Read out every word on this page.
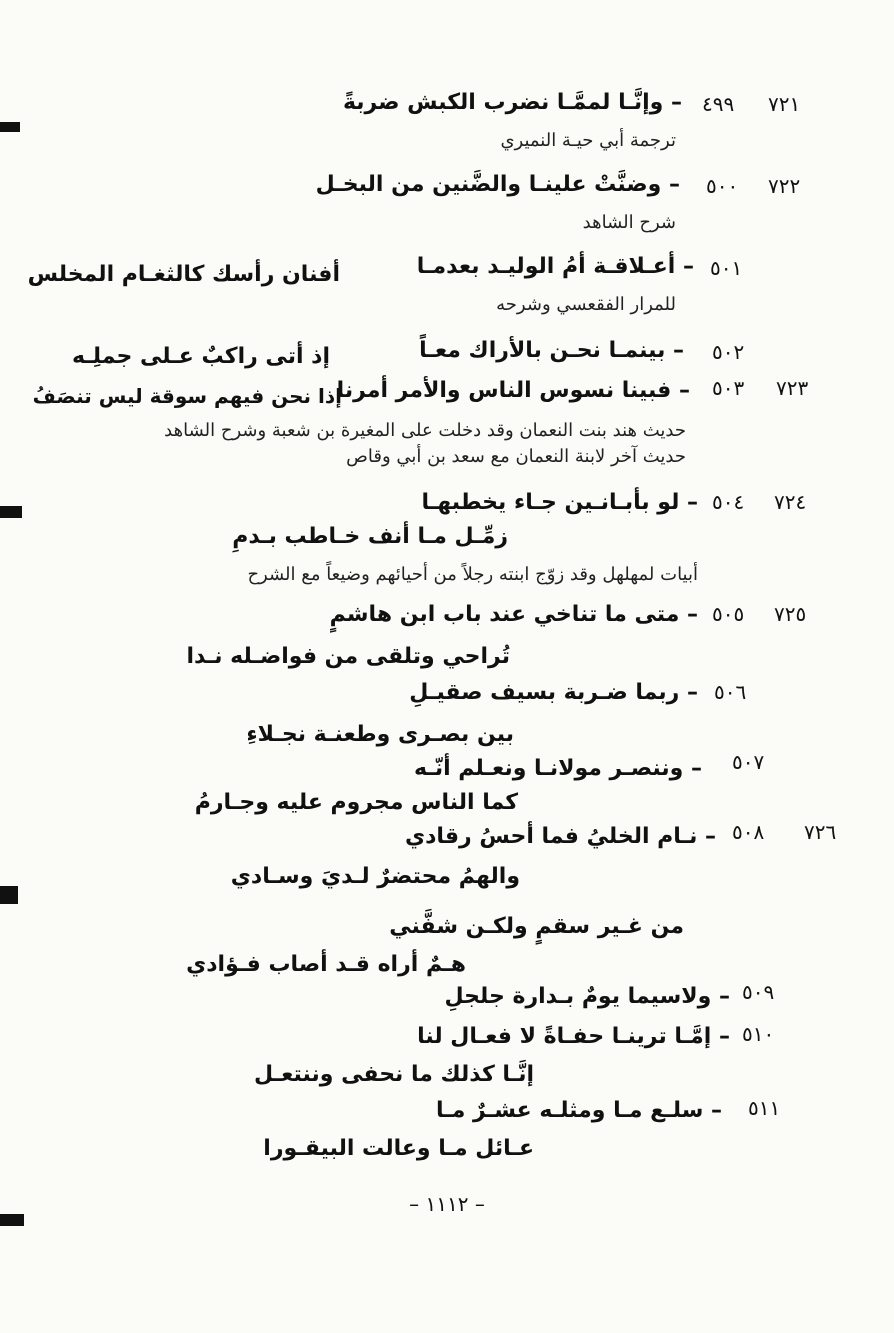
٧٢١
٤٩٩
– وإنَّـا لممَّـا نضرب الكبش ضربةً
ترجمة أبي حيـة النميري
٧٢٢
٥٠٠
– وضنَّتْ علينـا والضَّنين من البخـل
شرح الشاهد
٥٠١
– أعـلاقـة أمُ الوليـد بعدمـا
أفنان رأسك كالثغـام المخلس
للمرار الفقعسي وشرحه
٥٠٢
– بينمـا نحـن بالأراك معـاً
إذ أتى راكبٌ عـلى جملِـه
٧٢٣
٥٠٣
– فبينا نسوس الناس والأمر أمرنا
إذا نحن فيهم سوقة ليس تنصَفُ
حديث هند بنت النعمان وقد دخلت على المغيرة بن شعبة وشرح الشاهد
حديث آخر لابنة النعمان مع سعد بن أبي وقاص
٧٢٤
٥٠٤
– لو بأبـانـين جـاء يخطبهـا
زمِّـل مـا أنف خـاطب بـدمِ
أبيات لمهلهل وقد زوّج ابنته رجلاً من أحيائهم وضيعاً مع الشرح
٧٢٥
٥٠٥
– متى ما تناخي عند باب ابن هاشمٍ
تُراحي وتلقى من فواضـله نـدا
٥٠٦
– ربما ضـربة بسيف صقيـلِ
بين بصـرى وطعنـة نجـلاءِ
٥٠٧
– وننصـر مولانـا ونعـلم أنّـه
كما الناس مجروم عليه وجـارمُ
٧٢٦
٥٠٨
– نـام الخليُ فما أحسُ رقادي
والهمُ محتضرٌ لـديَ وسـادي
من غـير سقمٍ ولكـن شفَّني
هـمٌ أراه قـد أصاب فـؤادي
٥٠٩
– ولاسيما يومٌ بـدارة جلجلِ
٥١٠
– إمَّـا ترينـا حفـاةً لا فعـال لنا
إنَّـا كذلك ما نحفى وننتعـل
٥١١
– سلـع مـا ومثلـه عشـرٌ مـا
عـائل مـا وعالت البيقـورا
– ١١١٢ –
